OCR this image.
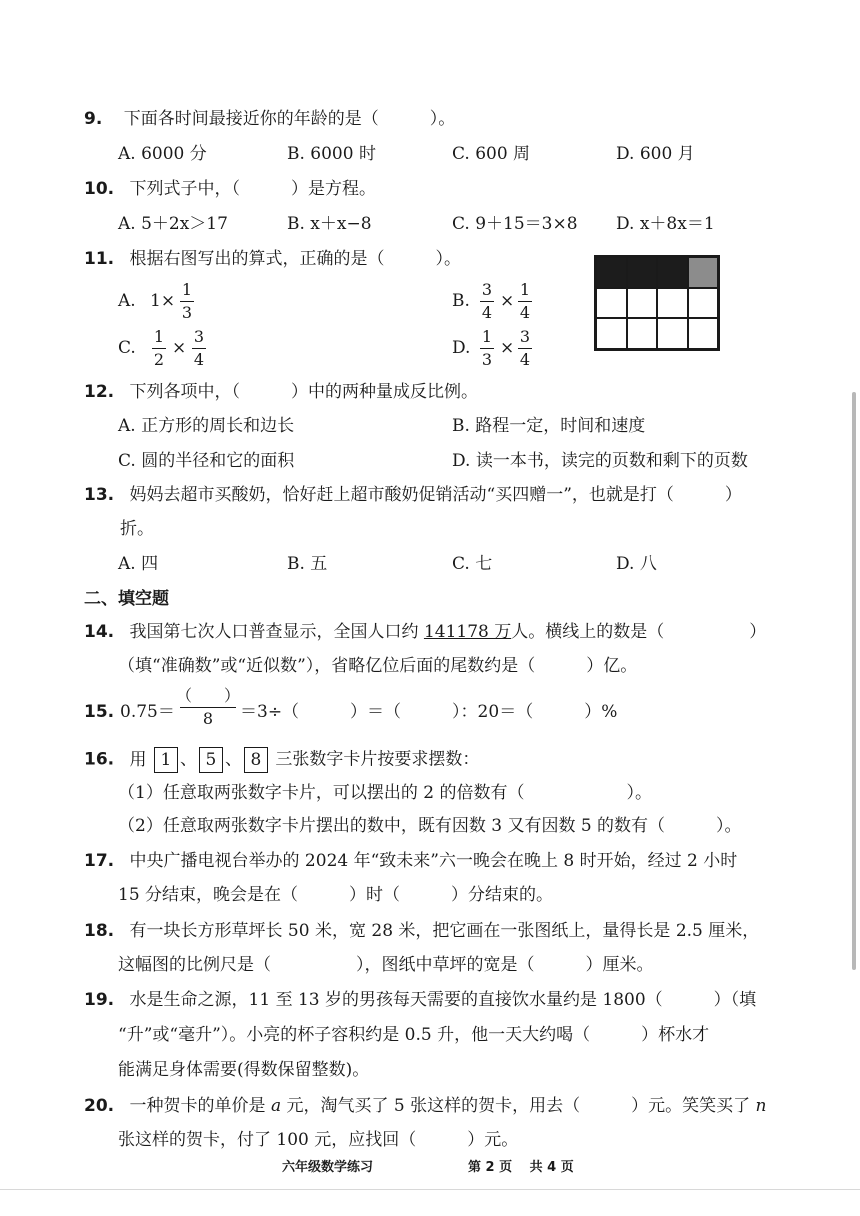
9. 下面各时间最接近你的年龄的是（　　　）。
A. 6000 分	B. 6000 时	C. 600 周	D. 600 月
10. 下列式子中，（　　　）是方程。
A. 5＋2x＞17	B. x＋x−8	C. 9＋15＝3×8 D. x＋8x＝1
11. 根据右图写出的算式，正确的是（　　　）。
A. 1×
1
3
B.
3
4
×
1
4
C.
1
2
×
3
4
D.
1
3
×
3
4
12. 下列各项中，（　　　）中的两种量成反比例。
A. 正方形的周长和边长	B. 路程一定，时间和速度
C. 圆的半径和它的面积	D. 读一本书，读完的页数和剩下的页数
13. 妈妈去超市买酸奶，恰好赶上超市酸奶促销活动“买四赠一”，也就是打（　　　）
折。
A. 四	B. 五	C. 七	D. 八
二、填空题
14. 我国第七次人口普查显示，全国人口约 141178 万人。横线上的数是（　　　　　）
（填“准确数”或“近似数”），省略亿位后面的尾数约是（　　　）亿。
15. 0.75＝
（　　）
8 ＝3÷（　　　）＝（　　　）：20＝（　　　）%
16. 用 1 、 5 、 8 三张数字卡片按要求摆数：
（1）任意取两张数字卡片，可以摆出的 2 的倍数有（　　　　　　）。
（2）任意取两张数字卡片摆出的数中，既有因数 3 又有因数 5 的数有（　　　）。
17. 中央广播电视台举办的 2024 年“致未来”六一晚会在晚上 8 时开始，经过 2 小时
15 分结束，晚会是在（　　　）时（　　　）分结束的。
18. 有一块长方形草坪长 50 米，宽 28 米，把它画在一张图纸上，量得长是 2.5 厘米，
这幅图的比例尺是（　　　　　），图纸中草坪的宽是（　　　）厘米。
19. 水是生命之源，11 至 13 岁的男孩每天需要的直接饮水量约是 1800（　　　）（填
“升”或“毫升”）。小亮的杯子容积约是 0.5 升，他一天大约喝（　　　）杯水才
能满足身体需要(得数保留整数)。
20. 一种贺卡的单价是 a 元，淘气买了 5 张这样的贺卡，用去（　　　）元。笑笑买了 n
张这样的贺卡，付了 100 元，应找回（　　　）元。
六年级数学练习	第 2 页　 共 4 页
